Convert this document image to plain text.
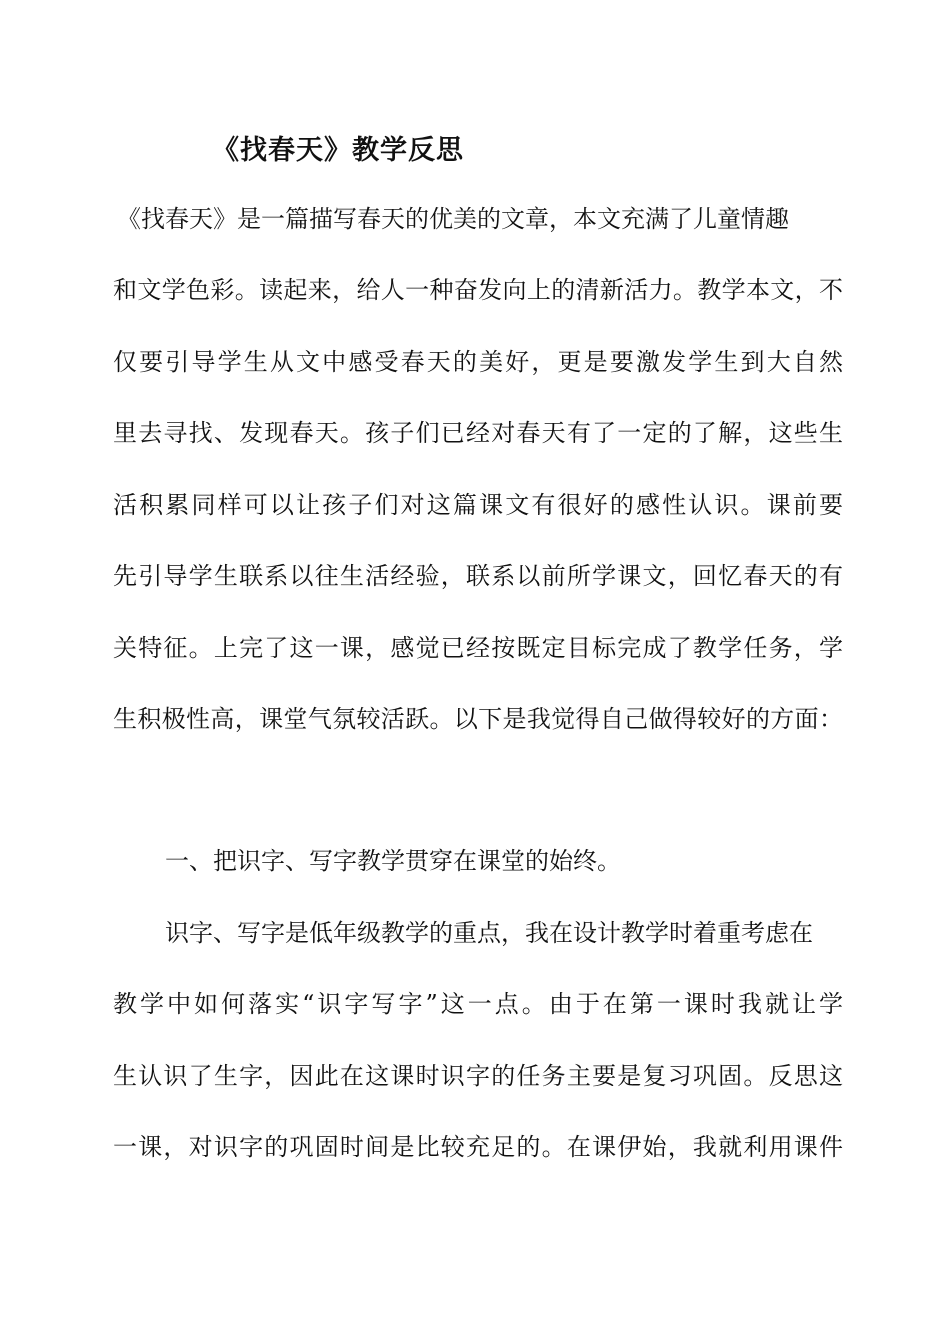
《找春天》教学反思
《找春天》是一篇描写春天的优美的文章，本文充满了儿童情趣
和文学色彩。读起来，给人一种奋发向上的清新活力。教学本文，不
仅要引导学生从文中感受春天的美好，更是要激发学生到大自然
里去寻找、发现春天。孩子们已经对春天有了一定的了解，这些生
活积累同样可以让孩子们对这篇课文有很好的感性认识。课前要
先引导学生联系以往生活经验，联系以前所学课文，回忆春天的有
关特征。上完了这一课，感觉已经按既定目标完成了教学任务，学
生积极性高，课堂气氛较活跃。以下是我觉得自己做得较好的方面：
一、把识字、写字教学贯穿在课堂的始终。
识字、写字是低年级教学的重点，我在设计教学时着重考虑在
教学中如何落实“识字写字”这一点。由于在第一课时我就让学
生认识了生字，因此在这课时识字的任务主要是复习巩固。反思这
一课，对识字的巩固时间是比较充足的。在课伊始，我就利用课件
